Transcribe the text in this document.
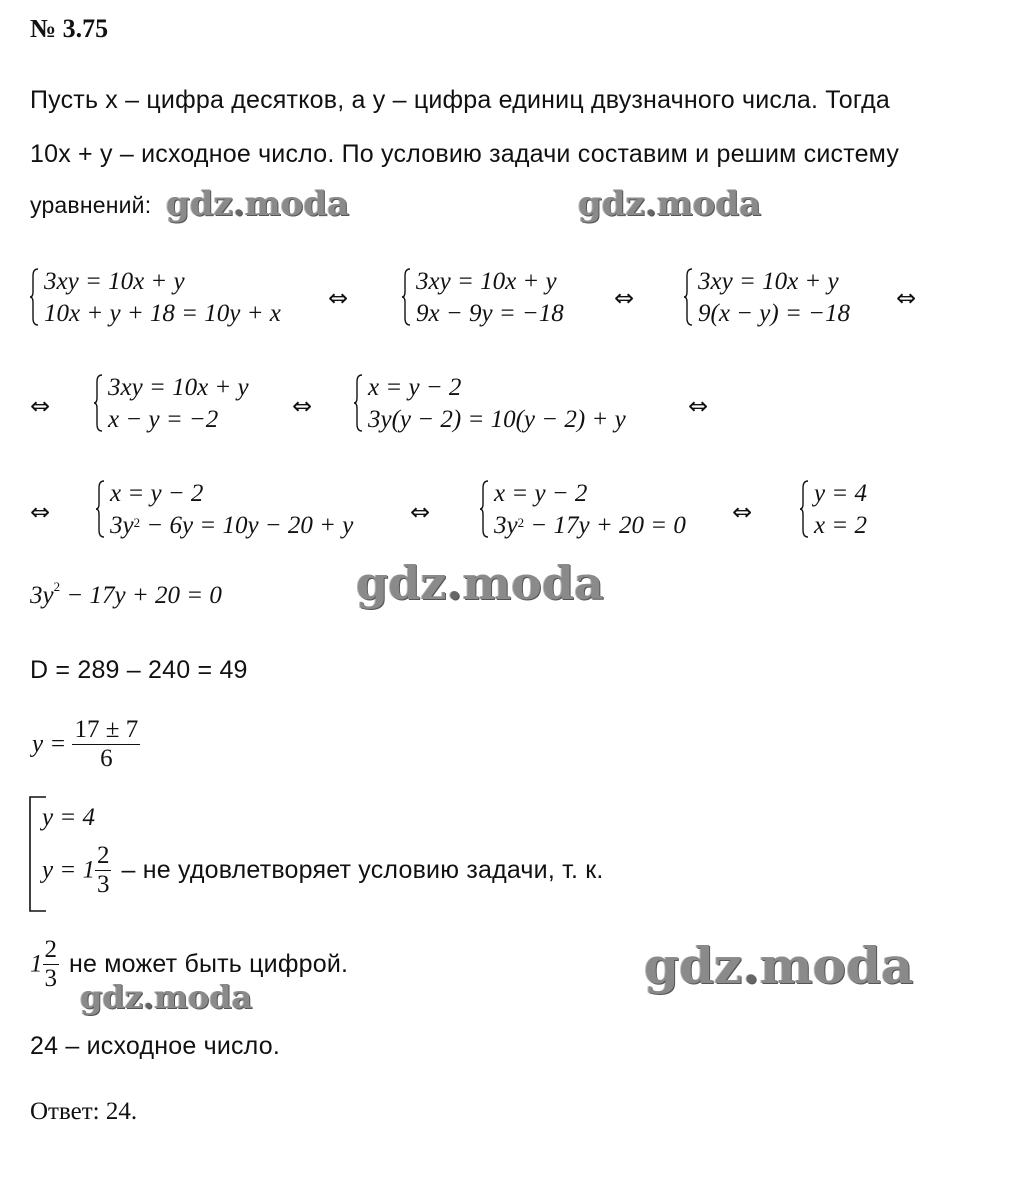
№ 3.75
Пусть x – цифра десятков, а y – цифра единиц двузначного числа. Тогда
10x + y – исходное число. По условию задачи составим и решим систему
уравнений: gdz.moda	gdz.moda
gdz.moda
gdz.moda
gdz.moda
3xy = 10x + y
10x + y + 18 = 10y + x
⇔
3xy = 10x + y
9x − 9y = −18
⇔
3xy = 10x + y
9(x − y) = −18
⇔
⇔
3xy = 10x + y
x − y = −2	⇔
x = y − 2
3y(y − 2) = 10(y − 2) + y	⇔
⇔
x = y − 2
$3y^2 - 6y = 10y - 20 + y$ ⇔
x = y − 2
$3y^2 - 17y + 20 = 0$ ⇔
y = 4
x = 2
$3y^2 - 17y + 20 = 0$
D = 289 – 240 = 49
$y = \frac{17 \pm 7}{6}$
y = 4
$y = 1 \frac{2}{3}$ – не удовлетворяет условию задачи, т. к.
$1 \frac{2}{3}$ не может быть цифрой.
24 – исходное число.
Ответ: 24.
